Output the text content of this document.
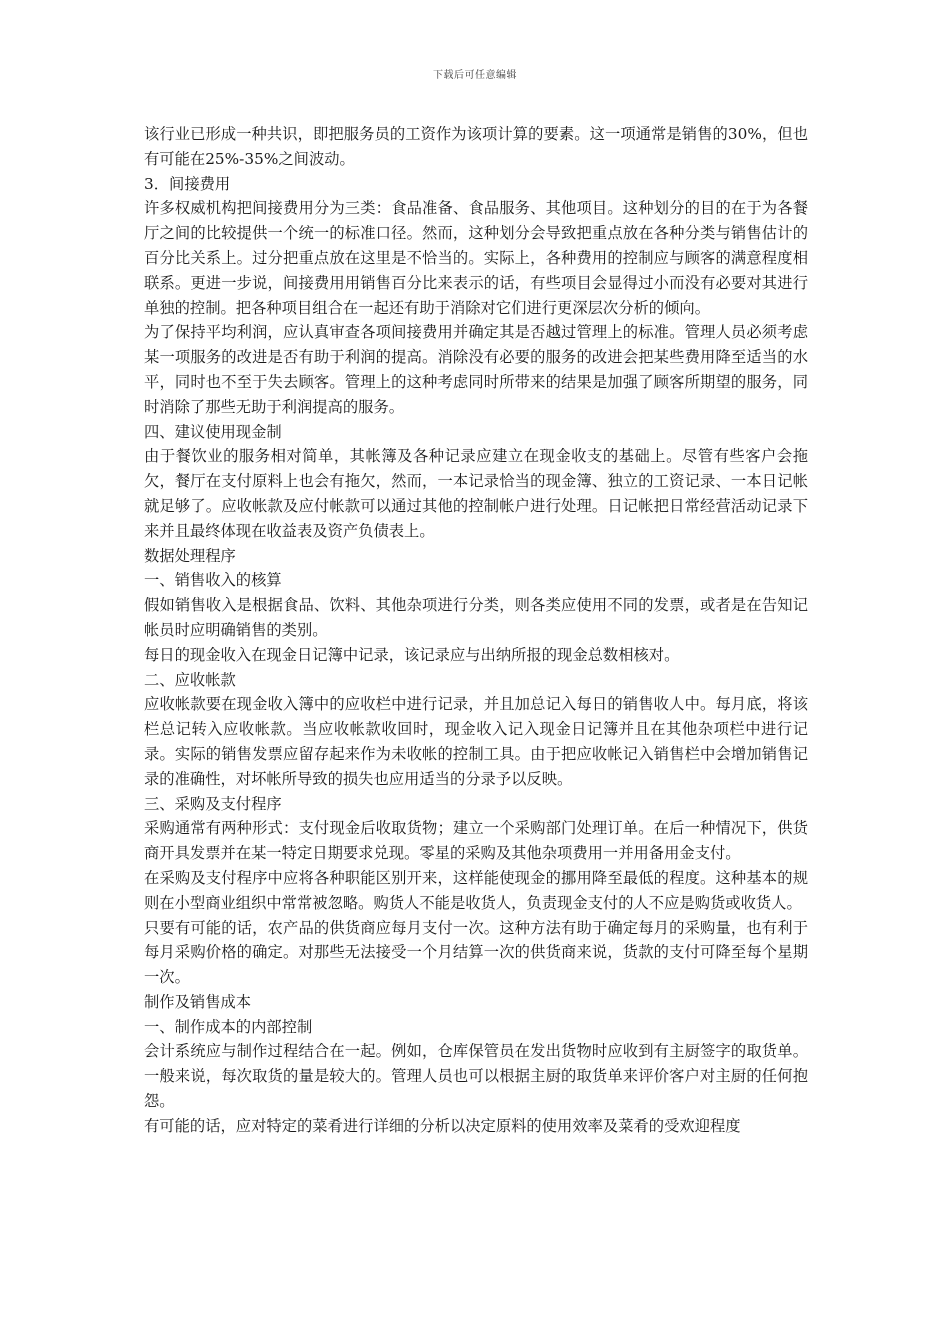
下载后可任意编辑

该行业已形成一种共识，即把服务员的工资作为该项计算的要素。这一项通常是销售的30%，但也有可能在25%-35%之间波动。

3．间接费用

许多权威机构把间接费用分为三类：食品准备、食品服务、其他项目。这种划分的目的在于为各餐厅之间的比较提供一个统一的标准口径。然而，这种划分会导致把重点放在各种分类与销售估计的百分比关系上。过分把重点放在这里是不恰当的。实际上，各种费用的控制应与顾客的满意程度相联系。更进一步说，间接费用用销售百分比来表示的话，有些项目会显得过小而没有必要对其进行单独的控制。把各种项目组合在一起还有助于消除对它们进行更深层次分析的倾向。

为了保持平均利润，应认真审查各项间接费用并确定其是否越过管理上的标准。管理人员必须考虑某一项服务的改进是否有助于利润的提高。消除没有必要的服务的改进会把某些费用降至适当的水平，同时也不至于失去顾客。管理上的这种考虑同时所带来的结果是加强了顾客所期望的服务，同时消除了那些无助于利润提高的服务。

四、建议使用现金制

由于餐饮业的服务相对简单，其帐簿及各种记录应建立在现金收支的基础上。尽管有些客户会拖欠，餐厅在支付原料上也会有拖欠，然而，一本记录恰当的现金簿、独立的工资记录、一本日记帐就足够了。应收帐款及应付帐款可以通过其他的控制帐户进行处理。日记帐把日常经营活动记录下来并且最终体现在收益表及资产负债表上。

数据处理程序

一、销售收入的核算

假如销售收入是根据食品、饮料、其他杂项进行分类，则各类应使用不同的发票，或者是在告知记帐员时应明确销售的类别。

每日的现金收入在现金日记簿中记录，该记录应与出纳所报的现金总数相核对。

二、应收帐款

应收帐款要在现金收入簿中的应收栏中进行记录，并且加总记入每日的销售收人中。每月底，将该栏总记转入应收帐款。当应收帐款收回时，现金收入记入现金日记簿并且在其他杂项栏中进行记录。实际的销售发票应留存起来作为未收帐的控制工具。由于把应收帐记入销售栏中会增加销售记录的准确性，对坏帐所导致的损失也应用适当的分录予以反映。

三、采购及支付程序

采购通常有两种形式：支付现金后收取货物；建立一个采购部门处理订单。在后一种情况下，供货商开具发票并在某一特定日期要求兑现。零星的采购及其他杂项费用一并用备用金支付。

在采购及支付程序中应将各种职能区别开来，这样能使现金的挪用降至最低的程度。这种基本的规则在小型商业组织中常常被忽略。购货人不能是收货人，负责现金支付的人不应是购货或收货人。

只要有可能的话，农产品的供货商应每月支付一次。这种方法有助于确定每月的采购量，也有利于每月采购价格的确定。对那些无法接受一个月结算一次的供货商来说，货款的支付可降至每个星期一次。

制作及销售成本

一、制作成本的内部控制

会计系统应与制作过程结合在一起。例如，仓库保管员在发出货物时应收到有主厨签字的取货单。一般来说，每次取货的量是较大的。管理人员也可以根据主厨的取货单来评价客户对主厨的任何抱怨。

有可能的话，应对特定的菜肴进行详细的分析以决定原料的使用效率及菜肴的受欢迎程度
